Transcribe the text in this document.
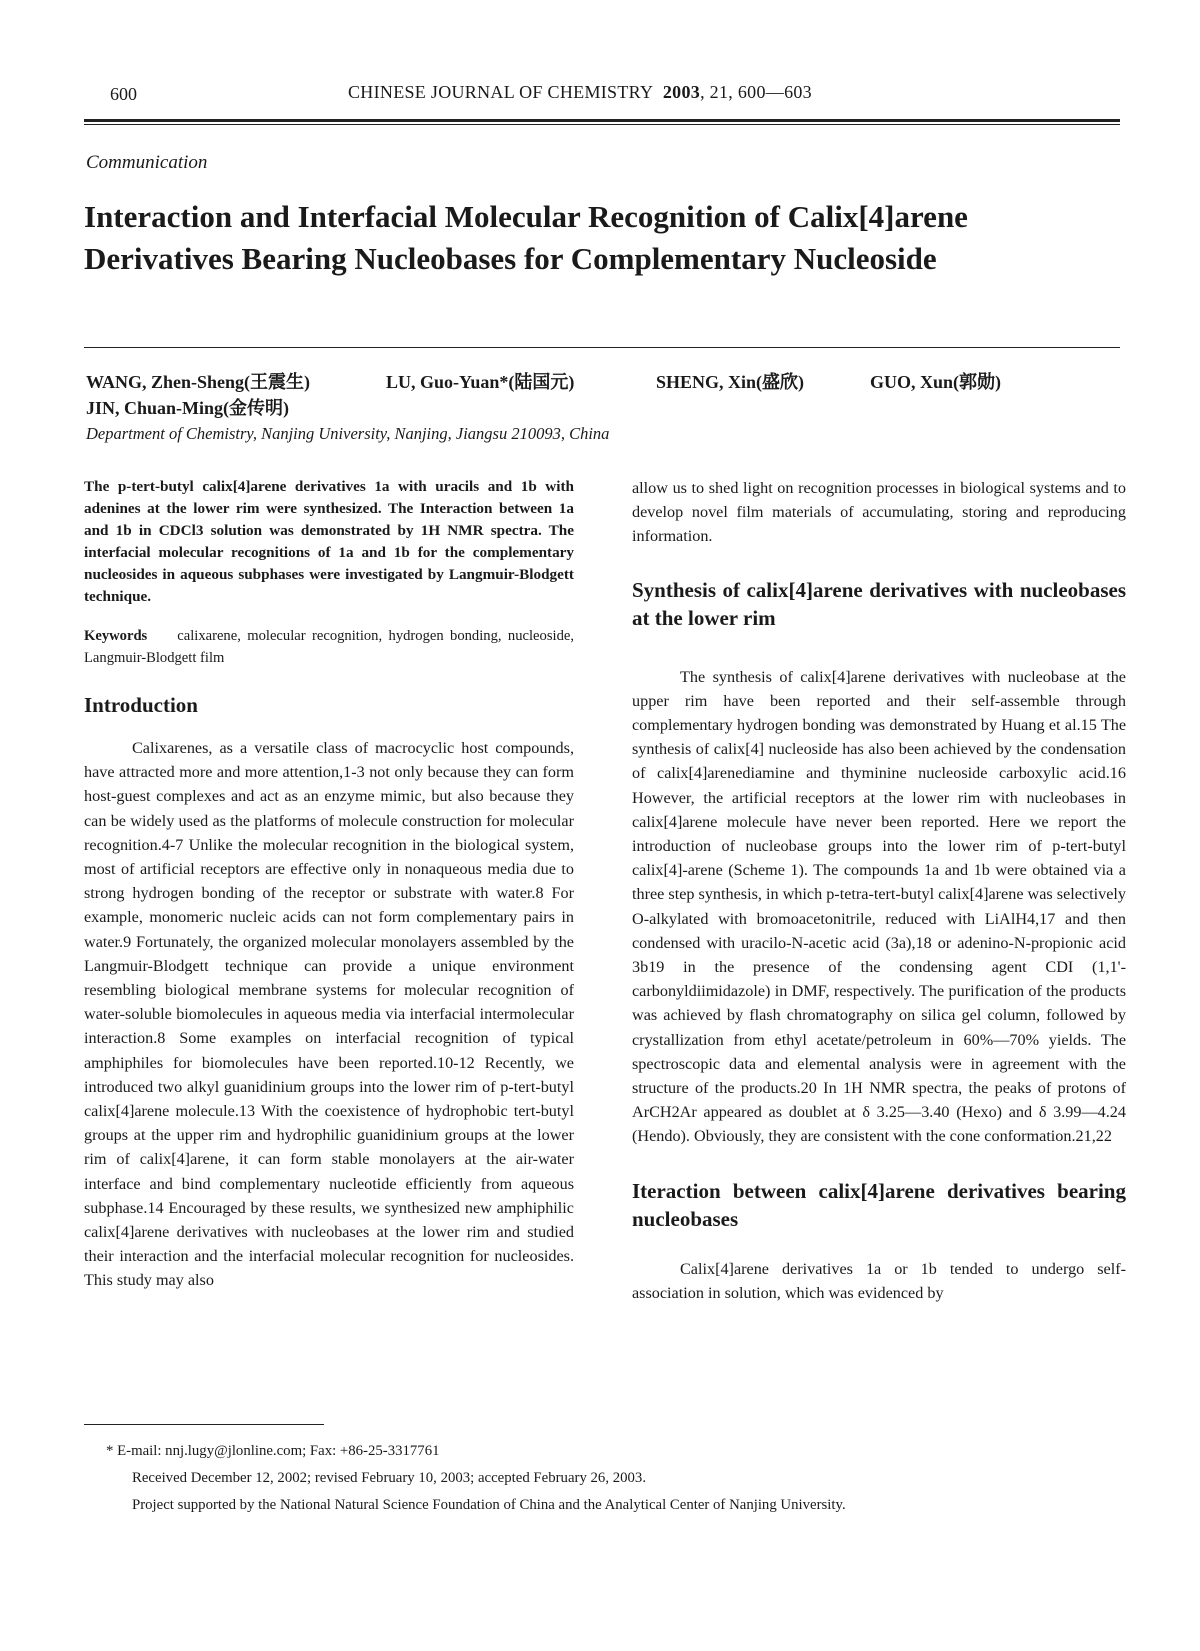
600	CHINESE JOURNAL OF CHEMISTRY 2003, 21, 600—603
Communication
Interaction and Interfacial Molecular Recognition of Calix[4]arene Derivatives Bearing Nucleobases for Complementary Nucleoside
WANG, Zhen-Sheng(王震生)	LU, Guo-Yuan*(陆国元)	SHENG, Xin(盛欣)	GUO, Xun(郭勋)
JIN, Chuan-Ming(金传明)
Department of Chemistry, Nanjing University, Nanjing, Jiangsu 210093, China

The p-tert-butyl calix[4]arene derivatives 1a with uracils and 1b with adenines at the lower rim were synthesized. The Interaction between 1a and 1b in CDCl3 solution was demonstrated by 1H NMR spectra. The interfacial molecular recognitions of 1a and 1b for the complementary nucleosides in aqueous subphases were investigated by Langmuir-Blodgett technique.

Keywords calixarene, molecular recognition, hydrogen bonding, nucleoside, Langmuir-Blodgett film

Introduction

Calixarenes, as a versatile class of macrocyclic host compounds, have attracted more and more attention,1-3 not only because they can form host-guest complexes and act as an enzyme mimic, but also because they can be widely used as the platforms of molecule construction for molecular recognition.4-7 Unlike the molecular recognition in the biological system, most of artificial receptors are effective only in nonaqueous media due to strong hydrogen bonding of the receptor or substrate with water.8 For example, monomeric nucleic acids can not form complementary pairs in water.9 Fortunately, the organized molecular monolayers assembled by the Langmuir-Blodgett technique can provide a unique environment resembling biological membrane systems for molecular recognition of water-soluble biomolecules in aqueous media via interfacial intermolecular interaction.8 Some examples on interfacial recognition of typical amphiphiles for biomolecules have been reported.10-12 Recently, we introduced two alkyl guanidinium groups into the lower rim of p-tert-butyl calix[4]arene molecule.13 With the coexistence of hydrophobic tert-butyl groups at the upper rim and hydrophilic guanidinium groups at the lower rim of calix[4]arene, it can form stable monolayers at the air-water interface and bind complementary nucleotide efficiently from aqueous subphase.14 Encouraged by these results, we synthesized new amphiphilic calix[4]arene derivatives with nucleobases at the lower rim and studied their interaction and the interfacial molecular recognition for nucleosides. This study may also

allow us to shed light on recognition processes in biological systems and to develop novel film materials of accumulating, storing and reproducing information.

Synthesis of calix[4]arene derivatives with nucleobases at the lower rim

The synthesis of calix[4]arene derivatives with nucleobase at the upper rim have been reported and their self-assemble through complementary hydrogen bonding was demonstrated by Huang et al.15 The synthesis of calix[4] nucleoside has also been achieved by the condensation of calix[4]arenediamine and thyminine nucleoside carboxylic acid.16 However, the artificial receptors at the lower rim with nucleobases in calix[4]arene molecule have never been reported. Here we report the introduction of nucleobase groups into the lower rim of p-tert-butyl calix[4]-arene (Scheme 1). The compounds 1a and 1b were obtained via a three step synthesis, in which p-tetra-tert-butyl calix[4]arene was selectively O-alkylated with bromoacetonitrile, reduced with LiAlH4,17 and then condensed with uracilo-N-acetic acid (3a),18 or adenino-N-propionic acid 3b19 in the presence of the condensing agent CDI (1,1'-carbonyldiimidazole) in DMF, respectively. The purification of the products was achieved by flash chromatography on silica gel column, followed by crystallization from ethyl acetate/petroleum in 60%—70% yields. The spectroscopic data and elemental analysis were in agreement with the structure of the products.20 In 1H NMR spectra, the peaks of protons of ArCH2Ar appeared as doublet at δ 3.25—3.40 (Hexo) and δ 3.99—4.24 (Hendo). Obviously, they are consistent with the cone conformation.21,22

Iteraction between calix[4]arene derivatives bearing nucleobases

Calix[4]arene derivatives 1a or 1b tended to undergo self-association in solution, which was evidenced by

* E-mail: nnj.lugy@jlonline.com; Fax: +86-25-3317761
Received December 12, 2002; revised February 10, 2003; accepted February 26, 2003.
Project supported by the National Natural Science Foundation of China and the Analytical Center of Nanjing University.
